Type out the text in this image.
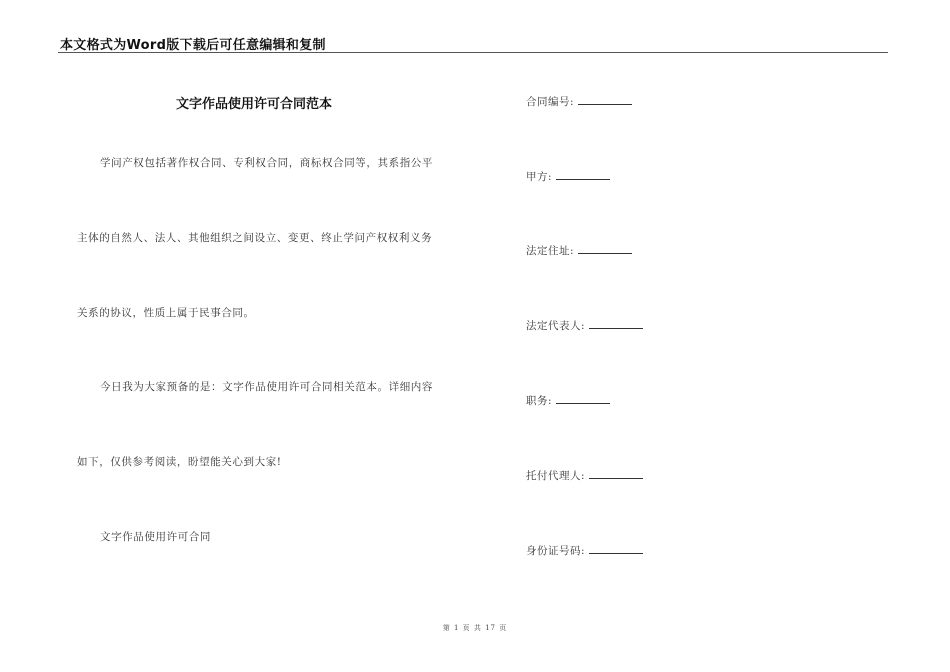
本文格式为Word版下载后可任意编辑和复制
文字作品使用许可合同范本
学问产权包括著作权合同、专利权合同，商标权合同等，其系指公平
主体的自然人、法人、其他组织之间设立、变更、终止学问产权权利义务
关系的协议，性质上属于民事合同。
今日我为大家预备的是：文字作品使用许可合同相关范本。详细内容
如下，仅供参考阅读，盼望能关心到大家!
文字作品使用许可合同
合同编号:
甲方:
法定住址:
法定代表人:
职务:
托付代理人:
身份证号码:
第 1 页 共 17 页
